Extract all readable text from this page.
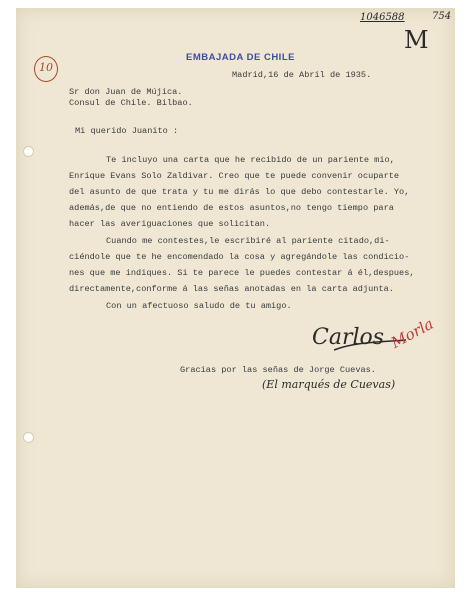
1046588	754
M
10
EMBAJADA DE CHILE
Madrid,16 de Abril de 1935.
Sr don Juan de Mújica.
Consul de Chile. Bilbao.
Mi querido Juanito :
Te incluyo una carta que he recibido de un pariente mio,
Enrique Evans Solo Zaldivar. Creo que te puede convenir ocuparte
del asunto de que trata y tu me dirás lo que debo contestarle. Yo,
además,de que no entiendo de estos asuntos,no tengo tiempo para
hacer las averiguaciones que solicitan.
Cuando me contestes,le escribiré al pariente citado,di-
ciéndole que te he encomendado la cosa y agregándole las condicio-
nes que me indiques. Si te parece le puedes contestar á él,despues,
directamente,conforme á las señas anotadas en la carta adjunta.
Con un afectuoso saludo de tu amigo.
Carlos Morla
Gracias por las señas de Jorge Cuevas.
(El marqués de Cuevas)
